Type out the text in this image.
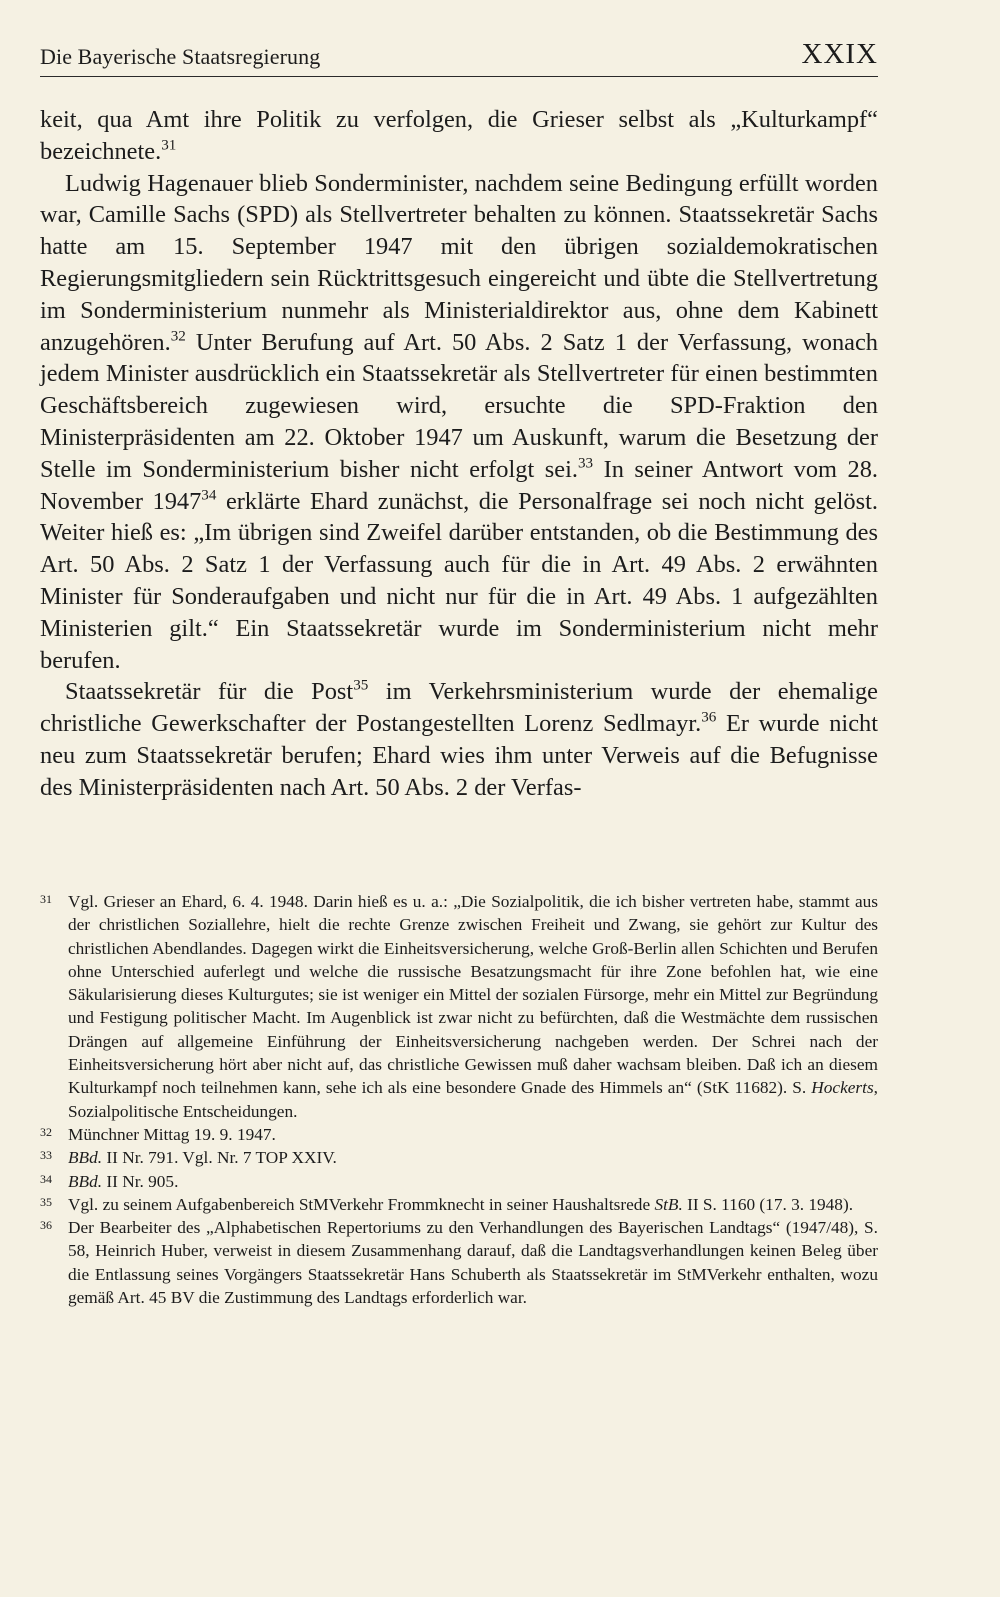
Die Bayerische Staatsregierung	XXIX

keit, qua Amt ihre Politik zu verfolgen, die Grieser selbst als „Kulturkampf“ bezeichnete.$^{31}$

Ludwig Hagenauer blieb Sonderminister, nachdem seine Bedingung erfüllt worden war, Camille Sachs (SPD) als Stellvertreter behalten zu können. Staatssekretär Sachs hatte am 15. September 1947 mit den übrigen sozialdemokratischen Regierungsmitgliedern sein Rücktrittsgesuch eingereicht und übte die Stellvertretung im Sonderministerium nunmehr als Ministerialdirektor aus, ohne dem Kabinett anzugehören.$^{32}$ Unter Berufung auf Art. 50 Abs. 2 Satz 1 der Verfassung, wonach jedem Minister ausdrücklich ein Staatssekretär als Stellvertreter für einen bestimmten Geschäftsbereich zugewiesen wird, ersuchte die SPD-Fraktion den Ministerpräsidenten am 22. Oktober 1947 um Auskunft, warum die Besetzung der Stelle im Sonderministerium bisher nicht erfolgt sei.$^{33}$ In seiner Antwort vom 28. November 1947$^{34}$ erklärte Ehard zunächst, die Personalfrage sei noch nicht gelöst. Weiter hieß es: „Im übrigen sind Zweifel darüber entstanden, ob die Bestimmung des Art. 50 Abs. 2 Satz 1 der Verfassung auch für die in Art. 49 Abs. 2 erwähnten Minister für Sonderaufgaben und nicht nur für die in Art. 49 Abs. 1 aufgezählten Ministerien gilt.“ Ein Staatssekretär wurde im Sonderministerium nicht mehr berufen.

Staatssekretär für die Post$^{35}$ im Verkehrsministerium wurde der ehemalige christliche Gewerkschafter der Postangestellten Lorenz Sedlmayr.$^{36}$ Er wurde nicht neu zum Staatssekretär berufen; Ehard wies ihm unter Verweis auf die Befugnisse des Ministerpräsidenten nach Art. 50 Abs. 2 der Verfas-

31 Vgl. Grieser an Ehard, 6. 4. 1948. Darin hieß es u. a.: „Die Sozialpolitik, die ich bisher vertreten habe, stammt aus der christlichen Soziallehre, hielt die rechte Grenze zwischen Freiheit und Zwang, sie gehört zur Kultur des christlichen Abendlandes. Dagegen wirkt die Einheitsversicherung, welche Groß-Berlin allen Schichten und Berufen ohne Unterschied auferlegt und welche die russische Besatzungsmacht für ihre Zone befohlen hat, wie eine Säkularisierung dieses Kulturgutes; sie ist weniger ein Mittel der sozialen Fürsorge, mehr ein Mittel zur Begründung und Festigung politischer Macht. Im Augenblick ist zwar nicht zu befürchten, daß die Westmächte dem russischen Drängen auf allgemeine Einführung der Einheitsversicherung nachgeben werden. Der Schrei nach der Einheitsversicherung hört aber nicht auf, das christliche Gewissen muß daher wachsam bleiben. Daß ich an diesem Kulturkampf noch teilnehmen kann, sehe ich als eine besondere Gnade des Himmels an“ (StK 11682). S. Hockerts, Sozialpolitische Entscheidungen.
32 Münchner Mittag 19. 9. 1947.
33 BBd. II Nr. 791. Vgl. Nr. 7 TOP XXIV.
34 BBd. II Nr. 905.
35 Vgl. zu seinem Aufgabenbereich StMVerkehr Frommknecht in seiner Haushaltsrede StB. II S. 1160 (17. 3. 1948).
36 Der Bearbeiter des „Alphabetischen Repertoriums zu den Verhandlungen des Bayerischen Landtags“ (1947/48), S. 58, Heinrich Huber, verweist in diesem Zusammenhang darauf, daß die Landtagsverhandlungen keinen Beleg über die Entlassung seines Vorgängers Staatssekretär Hans Schuberth als Staatssekretär im StMVerkehr enthalten, wozu gemäß Art. 45 BV die Zustimmung des Landtags erforderlich war.
